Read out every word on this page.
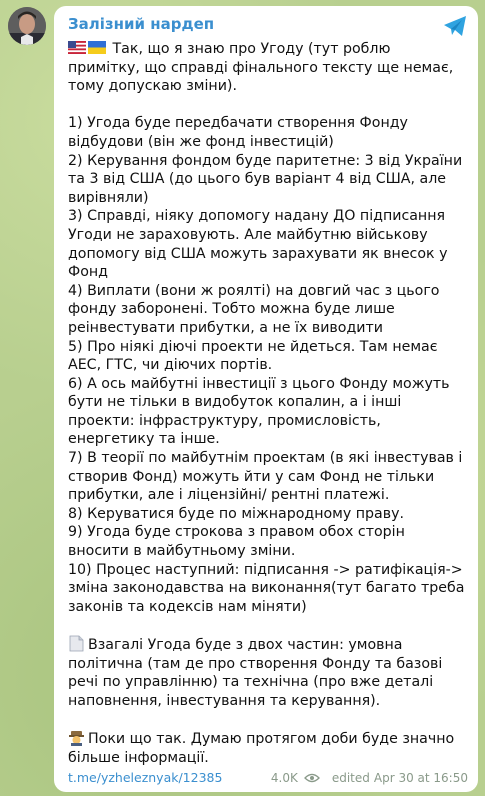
Залізний нардеп
Так, що я знаю про Угоду (тут роблю примітку, що справді фінального тексту ще немає, тому допускаю зміни).

1) Угода буде передбачати створення Фонду відбудови (він же фонд інвестицій)
2) Керування фондом буде паритетне: 3 від України та 3 від США (до цього був варіант 4 від США, але вирівняли)
3) Справді, ніяку допомогу надану ДО підписання Угоди не зараховують. Але майбутню військову допомогу від США можуть зарахувати як внесок у Фонд
4) Виплати (вони ж роялті) на довгий час з цього фонду заборонені. Тобто можна буде лише реінвестувати прибутки, а не їх виводити
5) Про ніякі діючі проекти не йдеться. Там немає АЕС, ГТС, чи діючих портів.
6) А ось майбутні інвестиції з цього Фонду можуть бути не тільки в видобуток копалин, а і інші проекти: інфраструктуру, промисловість, енергетику та інше.
7) В теорії по майбутнім проектам (в які інвестував і створив Фонд) можуть йти у сам Фонд не тільки прибутки, але і ліцензійні/ рентні платежі.
8) Керуватися буде по міжнародному праву.
9) Угода буде строкова з правом обох сторін вносити в майбутньому зміни.
10) Процес наступний: підписання -> ратифікація-> зміна законодавства на виконання(тут багато треба законів та кодексів нам міняти)

Взагалі Угода буде з двох частин: умовна політична (там де про створення Фонду та базові речі по управлінню) та технічна (про вже деталі наповнення, інвестування та керування).

Поки що так. Думаю протягом доби буде значно більше інформації.
t.me/yzheleznyak/12385	4.0K	edited Apr 30 at 16:50
